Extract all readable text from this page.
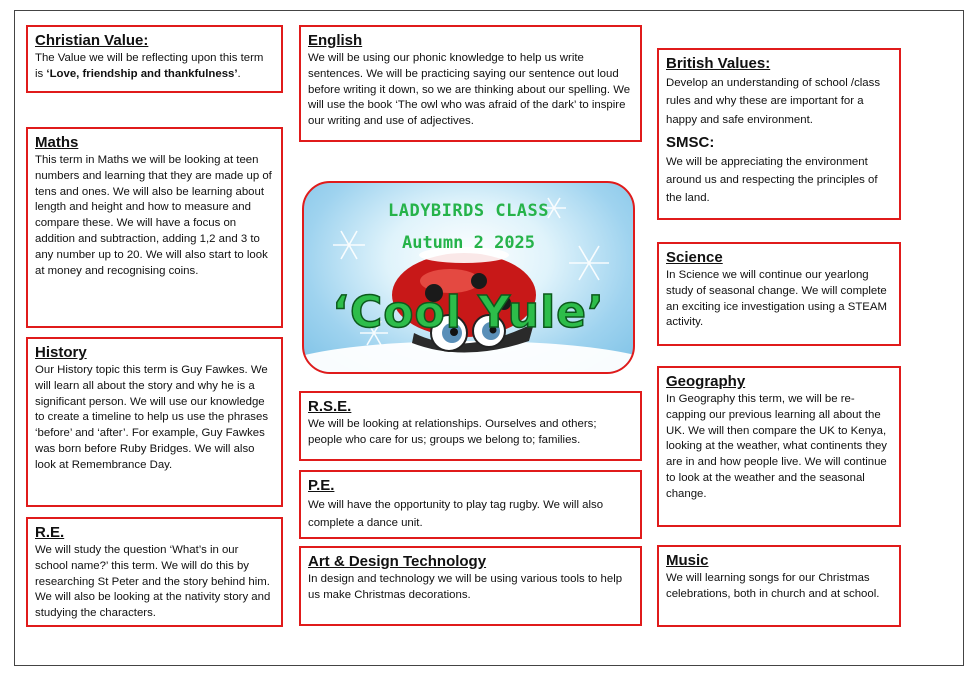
Christian Value:

The Value we will be reflecting upon this term is ‘Love, friendship and thankfulness’.

Maths

This term in Maths we will be looking at teen numbers and learning that they are made up of tens and ones. We will also be learning about length and height and how to measure and compare these. We will have a focus on addition and subtraction, adding 1,2 and 3 to any number up to 20. We will also start to look at money and recognising coins.

History

Our History topic this term is Guy Fawkes. We will learn all about the story and why he is a significant person. We will use our knowledge to create a timeline to help us use the phrases ‘before’ and ‘after’. For example, Guy Fawkes was born before Ruby Bridges. We will also look at Remembrance Day.

R.E.

We will study the question ‘What’s in our school name?’ this term. We will do this by researching St Peter and the story behind him. We will also be looking at the nativity story and studying the characters.

English

We will be using our phonic knowledge to help us write sentences. We will be practicing saying our sentence out loud before writing it down, so we are thinking about our spelling. We will use the book ‘The owl who was afraid of the dark’ to inspire our writing and use of adjectives.

LADYBIRDS CLASS
Autumn 2 2025
‘Cool Yule’
R.S.E.

We will be looking at relationships. Ourselves and others; people who care for us; groups we belong to; families.

P.E.

We will have the opportunity to play tag rugby. We will also complete a dance unit.

Art & Design Technology

In design and technology we will be using various tools to help us make Christmas decorations.

British Values:

Develop an understanding of school /class rules and why these are important for a happy and safe environment.

SMSC:

We will be appreciating the environment around us and respecting the principles of the land.

Science

In Science we will continue our yearlong study of seasonal change. We will complete an exciting ice investigation using a STEAM activity.

Geography

In Geography this term, we will be re-capping our previous learning all about the UK. We will then compare the UK to Kenya, looking at the weather, what continents they are in and how people live. We will continue to look at the weather and the seasonal change.

Music

We will learning songs for our Christmas celebrations, both in church and at school.
